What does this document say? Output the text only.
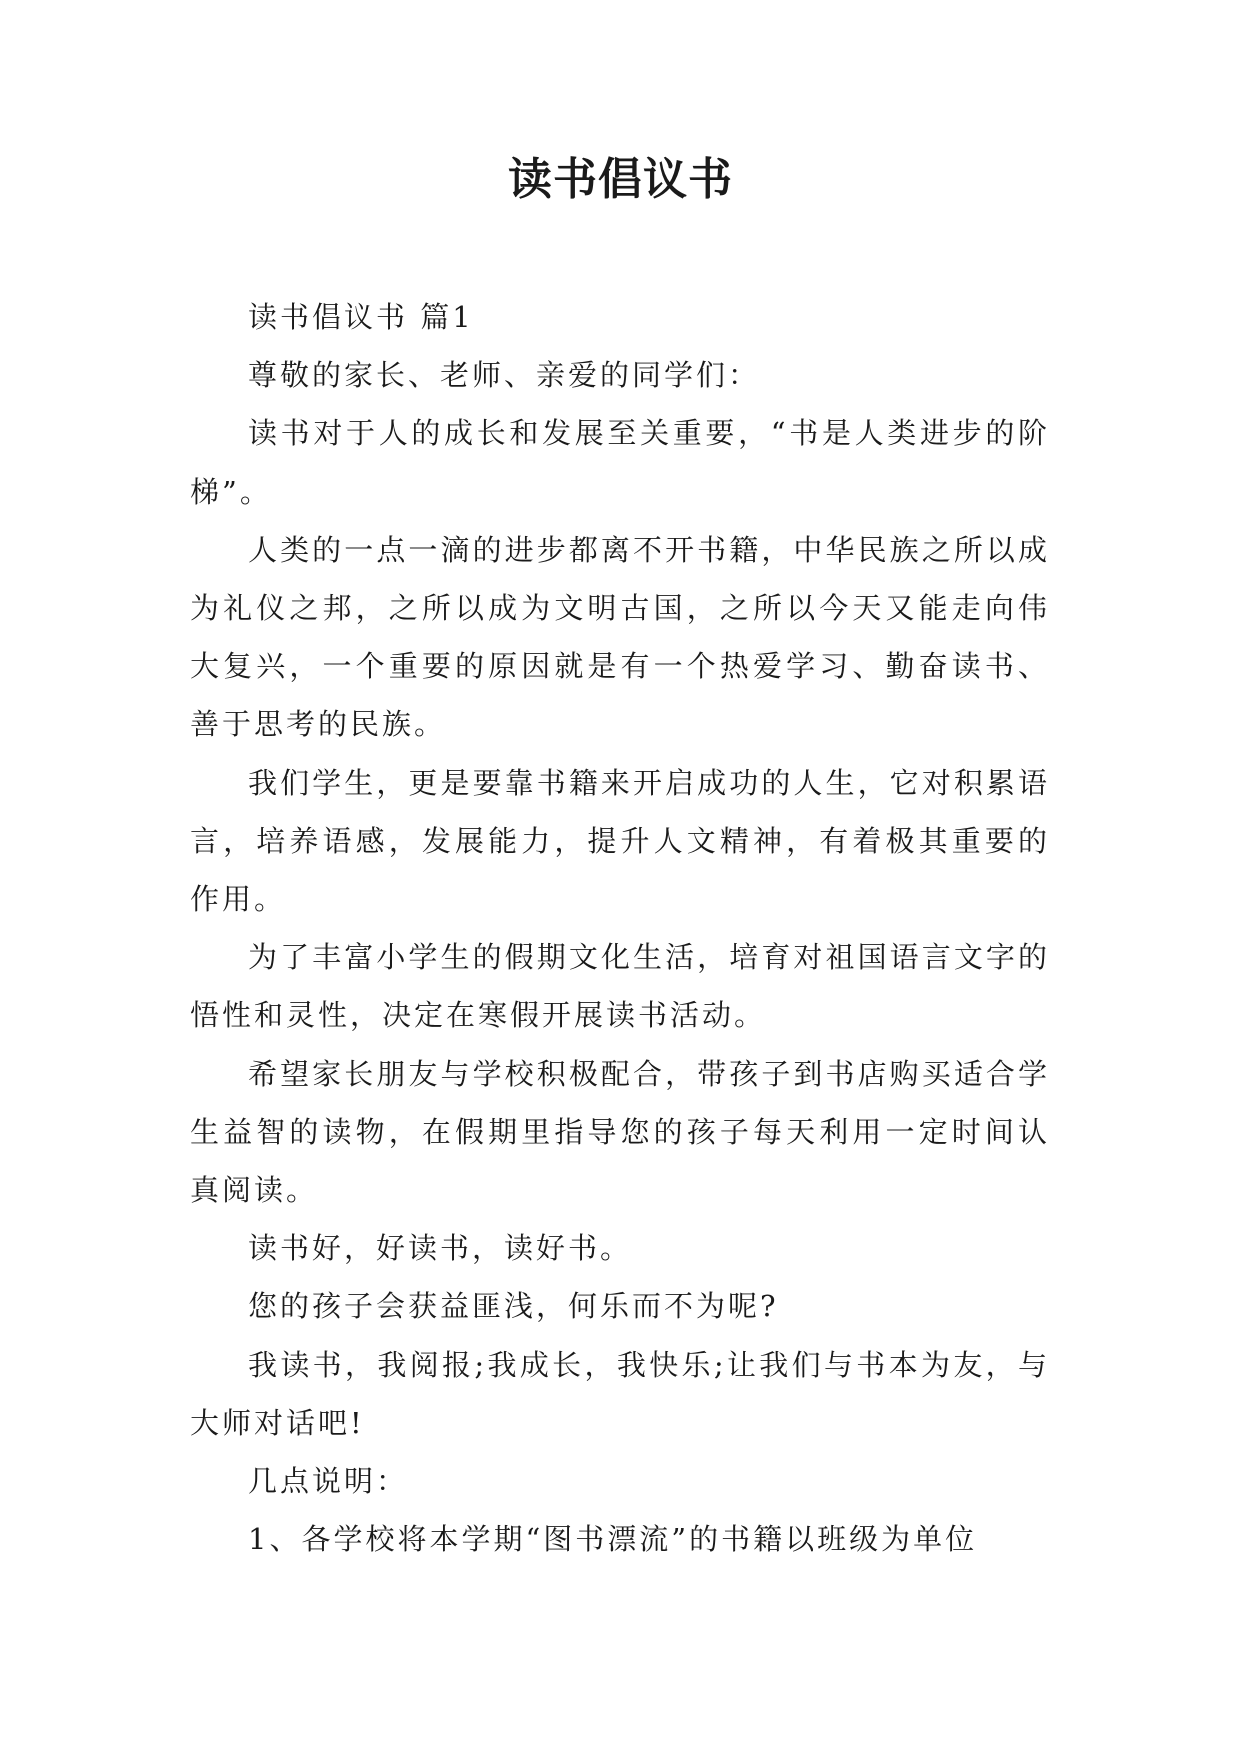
读书倡议书

读书倡议书 篇1

尊敬的家长、老师、亲爱的同学们：

读书对于人的成长和发展至关重要，“书是人类进步的阶梯”。

人类的一点一滴的进步都离不开书籍，中华民族之所以成为礼仪之邦，之所以成为文明古国，之所以今天又能走向伟大复兴，一个重要的原因就是有一个热爱学习、勤奋读书、善于思考的民族。

我们学生，更是要靠书籍来开启成功的人生，它对积累语言，培养语感，发展能力，提升人文精神，有着极其重要的作用。

为了丰富小学生的假期文化生活，培育对祖国语言文字的悟性和灵性，决定在寒假开展读书活动。

希望家长朋友与学校积极配合，带孩子到书店购买适合学生益智的读物，在假期里指导您的孩子每天利用一定时间认真阅读。

读书好，好读书，读好书。

您的孩子会获益匪浅，何乐而不为呢?

我读书，我阅报;我成长，我快乐;让我们与书本为友，与大师对话吧!

几点说明：

1、各学校将本学期“图书漂流”的书籍以班级为单位
